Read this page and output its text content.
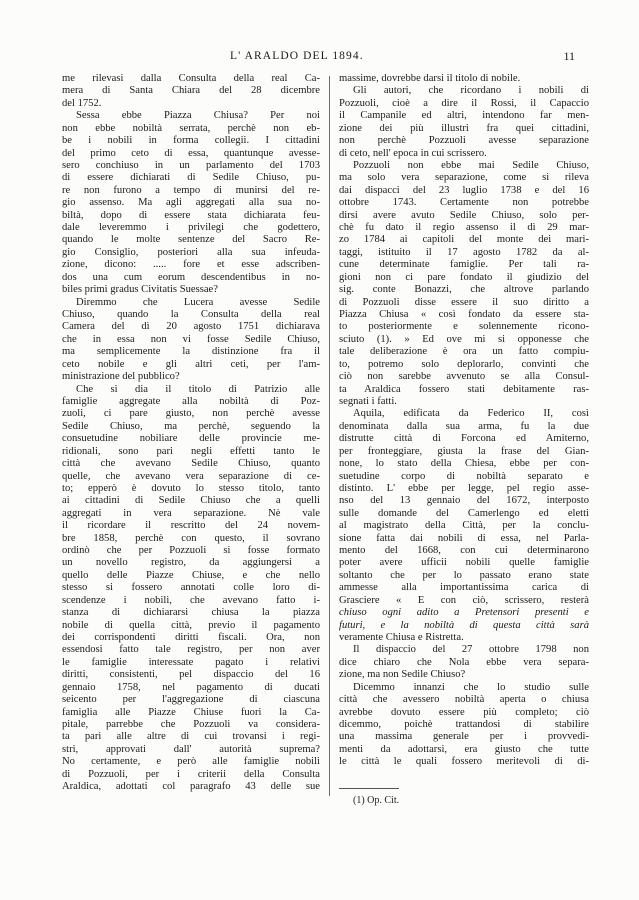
L' ARALDO DEL 1894.	11
me rilevasi dalla Consulta della real Ca-
mera di Santa Chiara del 28 dicembre
del 1752.
Sessa ebbe Piazza Chiusa? Per noi
non ebbe nobiltà serrata, perchè non eb-
be i nobili in forma collegii. I cittadini
del primo ceto di essa, quantunque avesse-
sero conchiuso in un parlamento del 1703
di essere dichiarati di Sedile Chiuso, pu-
re non furono a tempo di munirsi del re-
gio assenso. Ma agli aggregati alla sua no-
biltà, dopo di essere stata dichiarata feu-
dale leveremmo i privilegi che godettero,
quando le molte sentenze del Sacro Re-
gio Consiglio, posteriori alla sua infeuda-
zione, dicono: ..... fore et esse adscriben-
dos una cum eorum descendentibus in no-
biles primi gradus Civitatis Suessae?
Diremmo che Lucera avesse Sedile
Chiuso, quando la Consulta della real
Camera del dì 20 agosto 1751 dichiarava
che in essa non vi fosse Sedile Chiuso,
ma semplicemente la distinzione fra il
ceto nobile e gli altri ceti, per l'am-
ministrazione del pubblico?
Che si dia il titolo di Patrizio alle
famiglie aggregate alla nobiltà di Poz-
zuoli, ci pare giusto, non perchè avesse
Sedile Chiuso, ma perchè, seguendo la
consuetudine nobiliare delle provincie me-
ridionali, sono pari negli effetti tanto le
città che avevano Sedile Chiuso, quanto
quelle, che avevano vera separazione di ce-
to; epperò è dovuto lo stesso titolo, tanto
ai cittadini di Sedile Chiuso che a quelli
aggregati in vera separazione. Nè vale
il ricordare il rescritto del 24 novem-
bre 1858, perchè con questo, il sovrano
ordinò che per Pozzuoli si fosse formato
un novello registro, da aggiungersi a
quello delle Piazze Chiuse, e che nello
stesso si fossero annotati colle loro di-
scendenze i nobili, che avevano fatto i-
stanza di dichiararsi chiusa la piazza
nobile di quella città, previo il pagamento
dei corrispondenti diritti fiscali. Ora, non
essendosi fatto tale registro, per non aver
le famiglie interessate pagato i relativi
diritti, consistenti, pel dispaccio del 16
gennaio 1758, nel pagamento di ducati
seicento per l'aggregazione di ciascuna
famiglia alle Piazze Chiuse fuori la Ca-
pitale, parrebbe che Pozzuoli va considera-
ta pari alle altre di cui trovansi i regi-
stri, approvati dall' autorità suprema?
No certamente, e però alle famiglie nobili
di Pozzuoli, per i criterii della Consulta
Araldica, adottati col paragrafo 43 delle sue
massime, dovrebbe darsi il titolo di nobile.
Gli autori, che ricordano i nobili di
Pozzuoli, cioè a dire il Rossi, il Capaccio
il Campanile ed altri, intendono far men-
zione dei più illustri fra quei cittadini,
non perchè Pozzuoli avesse separazione
di ceto, nell' epoca in cui scrissero.
Pozzuoli non ebbe mai Sedile Chiuso,
ma solo vera separazione, come si rileva
dai dispacci del 23 luglio 1738 e del 16
ottobre 1743. Certamente non potrebbe
dirsi avere avuto Sedile Chiuso, solo per-
chè fu dato il regio assenso il dì 29 mar-
zo 1784 ai capitoli del monte dei mari-
taggi, istituito il 17 agosto 1782 da al-
cune determinate famiglie. Per tali ra-
gioni non ci pare fondato il giudizio del
sig. conte Bonazzi, che altrove parlando
di Pozzuoli disse essere il suo diritto a
Piazza Chiusa « così fondato da essere sta-
to posteriormente e solennemente ricono-
sciuto (1). » Ed ove mi si opponesse che
tale deliberazione è ora un fatto compiu-
to, potremo solo deplorarlo, convinti che
ciò non sarebbe avvenuto se alla Consul-
ta Araldica fossero stati debitamente ras-
segnati i fatti.
Aquila, edificata da Federico II, così
denominata dalla sua arma, fu la due
distrutte città di Forcona ed Amiterno,
per fronteggiare, giusta la frase del Gian-
none, lo stato della Chiesa, ebbe per con-
suetudine corpo di nobiltà separato e
distinto. L' ebbe per legge, pel regio asse-
nso del 13 gennaio del 1672, interposto
sulle domande del Camerlengo ed eletti
al magistrato della Città, per la conclu-
sione fatta dai nobili di essa, nel Parla-
mento del 1668, con cui determinarono
poter avere ufficii nobili quelle famiglie
soltanto che per lo passato erano state
ammesse alla importantissima carica di
Grasciere « E con ciò, scrissero, resterà
chiuso ogni adito a Pretensori presenti e
futuri, e la nobiltà di questa città sarà
veramente Chiusa e Ristretta.
Il dispaccio del 27 ottobre 1798 non
dice chiaro che Nola ebbe vera separa-
zione, ma non Sedile Chiuso?
Dicemmo innanzi che lo studio sulle
città che avessero nobiltà aperta o chiusa
avrebbe dovuto essere più completo; ciò
dicemmo, poichè trattandosi di stabilire
una massima generale per i provvedi-
menti da adottarsi, era giusto che tutte
le città le quali fossero meritevoli di di-
(1) Op. Cit.
